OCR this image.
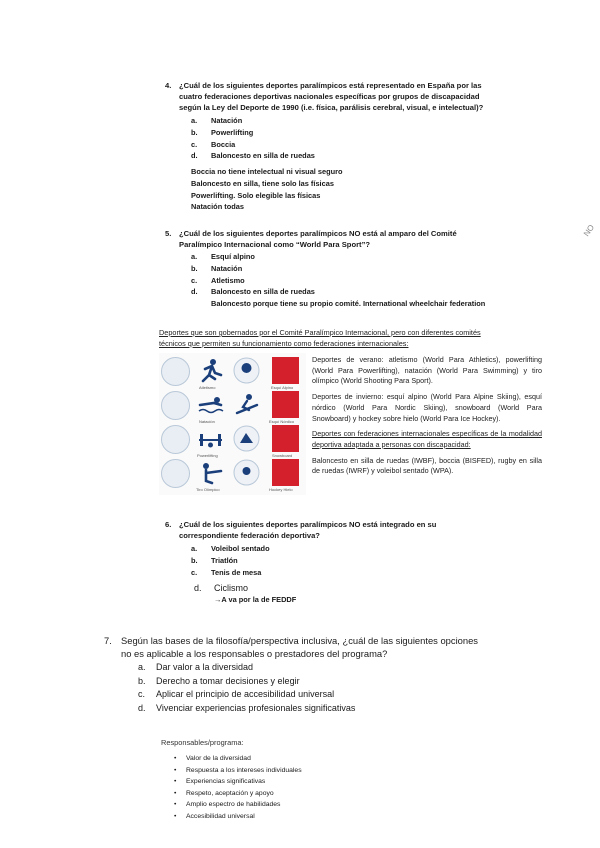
4. ¿Cuál de los siguientes deportes paralímpicos está representado en España por las
cuatro federaciones deportivas nacionales específicas por grupos de discapacidad
según la Ley del Deporte de 1990 (i.e. física, parálisis cerebral, visual, e intelectual)?
a. Natación
b. Powerlifting
c. Boccia
d. Baloncesto en silla de ruedas
Boccia no tiene intelectual ni visual seguro
Baloncesto en silla, tiene solo las físicas
Powerlifting. Solo elegible las físicas
Natación todas
NO
5. ¿Cuál de los siguientes deportes paralímpicos NO está al amparo del Comité
Paralímpico Internacional como “World Para Sport”?
a. Esquí alpino
b. Natación
c. Atletismo
d. Baloncesto en silla de ruedas
Baloncesto porque tiene su propio comité. International wheelchair federation
Deportes que son gobernados por el Comité Paralímpico Internacional, pero con diferentes comités
técnicos que permiten su funcionamiento como federaciones internacionales:
Atletismo
Natación
Powerlifting
Tiro Olímpico
Esquí Alpino
Esquí Nórdico
Snowboard
Hockey Hielo
Deportes de verano: atletismo (World Para Athletics), powerlifting (World Para Powerlifting), natación (World Para Swimming) y tiro olímpico (World Shooting Para Sport).
Deportes de invierno: esquí alpino (World Para Alpine Skiing), esquí nórdico (World Para Nordic Skiing), snowboard (World Para Snowboard) y hockey sobre hielo (World Para Ice Hockey).
Deportes con federaciones internacionales específicas de la modalidad deportiva adaptada a personas con discapacidad:
Baloncesto en silla de ruedas (IWBF), boccia (BISFED), rugby en silla de ruedas (IWRF) y voleibol sentado (WPA).
6. ¿Cuál de los siguientes deportes paralímpicos NO está integrado en su
correspondiente federación deportiva?
a. Voleibol sentado
b. Triatlón
c. Tenis de mesa
d. Ciclismo
→A va por la de FEDDF
7. Según las bases de la filosofía/perspectiva inclusiva, ¿cuál de las siguientes opciones
no es aplicable a los responsables o prestadores del programa?
a. Dar valor a la diversidad
b. Derecho a tomar decisiones y elegir
c. Aplicar el principio de accesibilidad universal
d. Vivenciar experiencias profesionales significativas
Responsables/programa:
• Valor de la diversidad
• Respuesta a los intereses individuales
• Experiencias significativas
• Respeto, aceptación y apoyo
• Amplio espectro de habilidades
• Accesibilidad universal
